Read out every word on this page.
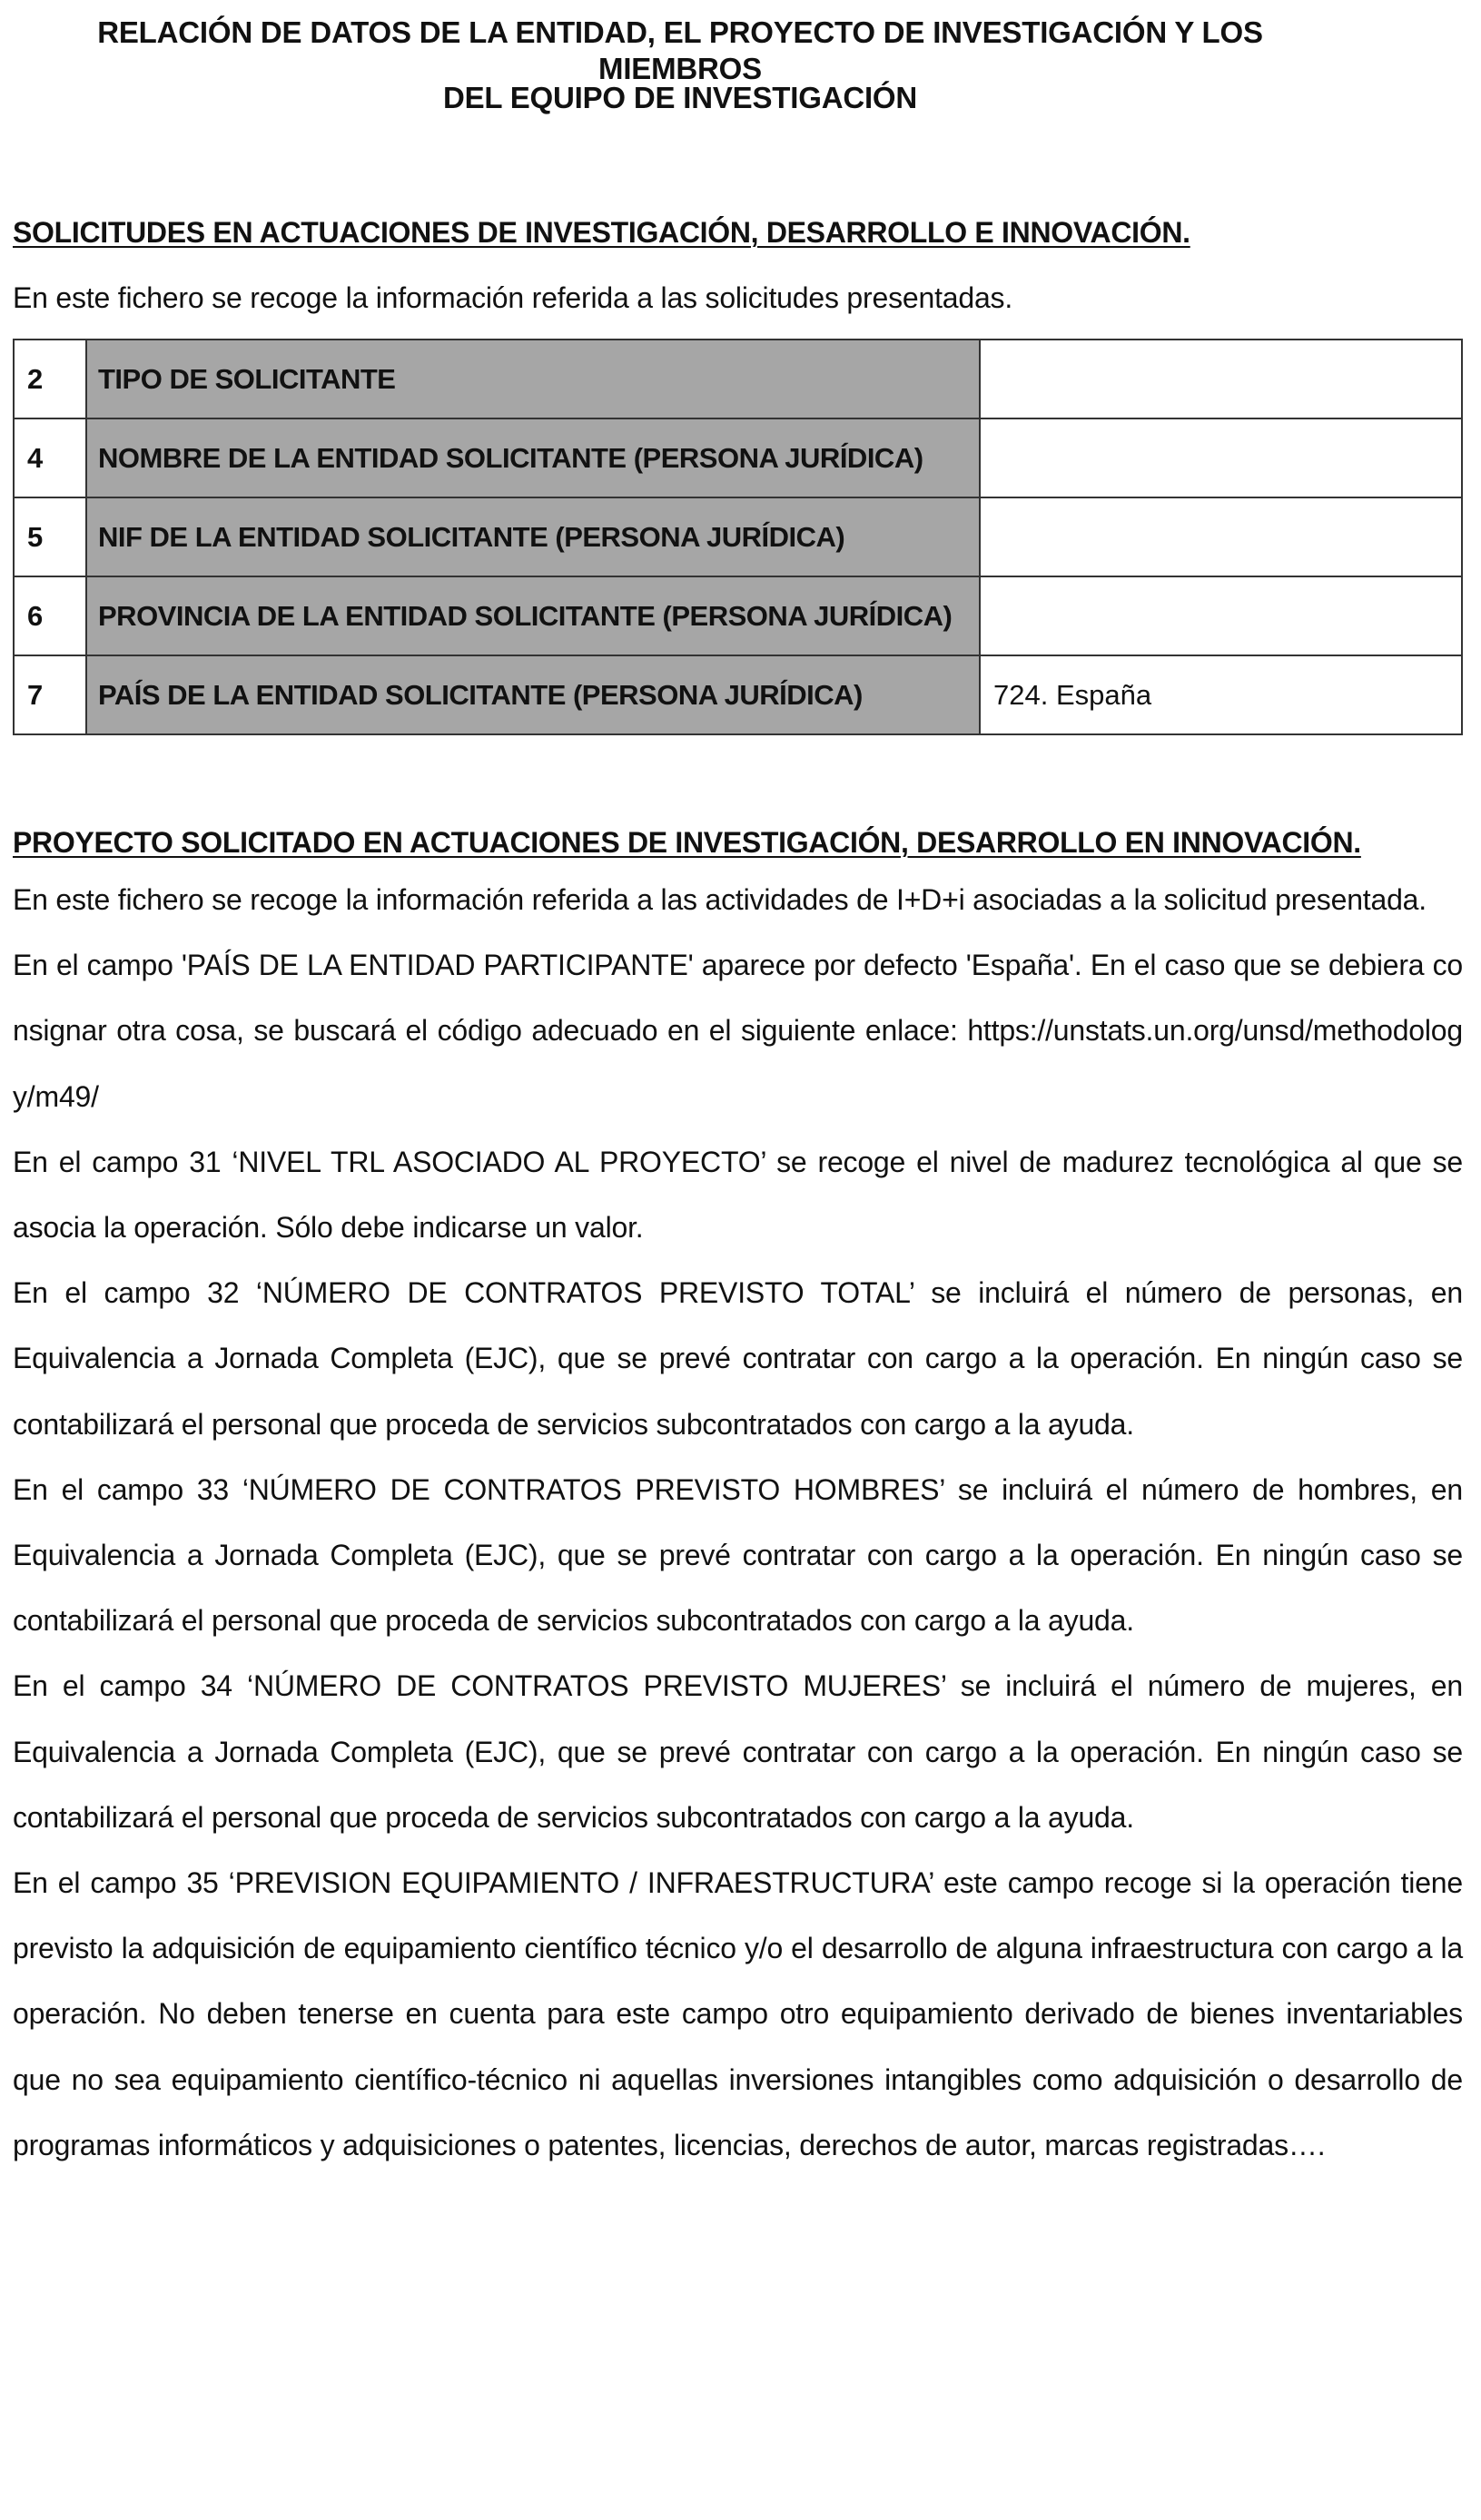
RELACIÓN DE DATOS DE LA ENTIDAD, EL PROYECTO DE INVESTIGACIÓN Y LOS MIEMBROS
DEL EQUIPO DE INVESTIGACIÓN
SOLICITUDES EN ACTUACIONES DE INVESTIGACIÓN, DESARROLLO E INNOVACIÓN.
En este fichero se recoge la información referida a las solicitudes presentadas.
2	TIPO DE SOLICITANTE	
4	NOMBRE DE LA ENTIDAD SOLICITANTE (PERSONA JURÍDICA)	
5	NIF DE LA ENTIDAD SOLICITANTE (PERSONA JURÍDICA)	
6	PROVINCIA DE LA ENTIDAD SOLICITANTE (PERSONA JURÍDICA)	
7	PAÍS DE LA ENTIDAD SOLICITANTE (PERSONA JURÍDICA)	724. España
PROYECTO SOLICITADO EN ACTUACIONES DE INVESTIGACIÓN, DESARROLLO EN INNOVACIÓN.

En este fichero se recoge la información referida a las actividades de I+D+i asociadas a la solicitud presentada.

En el campo 'PAÍS DE LA ENTIDAD PARTICIPANTE' aparece por defecto 'España'. En el caso que se debiera consignar otra cosa, se buscará el código adecuado en el siguiente enlace: https://unstats.un.org/unsd/methodology/m49/

En el campo 31 ‘NIVEL TRL ASOCIADO AL PROYECTO’ se recoge el nivel de madurez tecnológica al que se asocia la operación. Sólo debe indicarse un valor.

En el campo 32 ‘NÚMERO DE CONTRATOS PREVISTO TOTAL’ se incluirá el número de personas, en Equivalencia a Jornada Completa (EJC), que se prevé contratar con cargo a la operación. En ningún caso se contabilizará el personal que proceda de servicios subcontratados con cargo a la ayuda.

En el campo 33 ‘NÚMERO DE CONTRATOS PREVISTO HOMBRES’ se incluirá el número de hombres, en Equivalencia a Jornada Completa (EJC), que se prevé contratar con cargo a la operación. En ningún caso se contabilizará el personal que proceda de servicios subcontratados con cargo a la ayuda.

En el campo 34 ‘NÚMERO DE CONTRATOS PREVISTO MUJERES’ se incluirá el número de mujeres, en Equivalencia a Jornada Completa (EJC), que se prevé contratar con cargo a la operación. En ningún caso se contabilizará el personal que proceda de servicios subcontratados con cargo a la ayuda.

En el campo 35 ‘PREVISION EQUIPAMIENTO / INFRAESTRUCTURA’ este campo recoge si la operación tiene previsto la adquisición de equipamiento científico técnico y/o el desarrollo de alguna infraestructura con cargo a la operación. No deben tenerse en cuenta para este campo otro equipamiento derivado de bienes inventariables que no sea equipamiento científico-técnico ni aquellas inversiones intangibles como adquisición o desarrollo de programas informáticos y adquisiciones o patentes, licencias, derechos de autor, marcas registradas….
